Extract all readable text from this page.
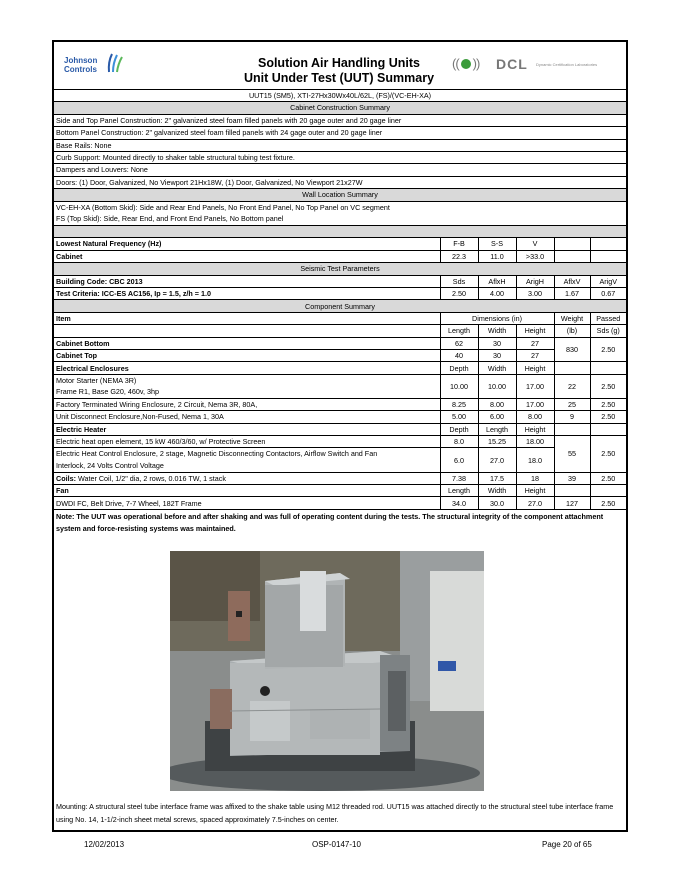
Johnson
Controls	Solution Air Handling Units
Unit Under Test (UUT) Summary
(( )) DCL Dynamic Certification Laboratories
UUT15 (SM5), XTI-27Hx30Wx40L/62L, (FS)/(VC-EH-XA)
Cabinet Construction Summary
Side and Top Panel Construction: 2" galvanized steel foam filled panels with 20 gage outer and 20 gage liner
Bottom Panel Construction: 2" galvanized steel foam filled panels with 24 gage outer and 20 gage liner
Base Rails: None
Curb Support: Mounted directly to shaker table structural tubing test fixture.
Dampers and Louvers: None
Doors: (1) Door, Galvanized, No Viewport 21Hx18W, (1) Door, Galvanized, No Viewport 21x27W
Wall Location Summary
VC-EH-XA (Bottom Skid): Side and Rear End Panels, No Front End Panel, No Top Panel on VC segment
FS (Top Skid): Side, Rear End, and Front End Panels, No Bottom panel
Lowest Natural Frequency (Hz)	F-B	S-S	V		
Cabinet	22.3	11.0	>33.0		
Seismic Test Parameters					
Building Code: CBC 2013	Sds	AflxH	ArigH	AflxV	ArigV
Test Criteria: ICC-ES AC156, Ip = 1.5, z/h = 1.0	2.50	4.00	3.00	1.67	0.67
Component Summary					
Item	Dimensions (in)			Weight	Passed
	Length	Width	Height	(lb)	Sds (g)
Cabinet Bottom	62	30	27	830	2.50
Cabinet Top	40	30	27		
Electrical Enclosures	Depth	Width	Height		
Motor Starter (NEMA 3R)
Frame R1, Base G20, 460v, 3hp	10.00	10.00	17.00	22	2.50
Factory Terminated Wiring Enclosure, 2 Circuit, Nema 3R, 80A,	8.25	8.00	17.00	25	2.50
Unit Disconnect Enclosure,Non-Fused, Nema 1, 30A	5.00	6.00	8.00	9	2.50
Electric Heater	Depth	Length	Height		
Electric heat open element, 15 kW 460/3/60, w/ Protective Screen	8.0	15.25	18.00	55	2.50
Electric Heat Control Enclosure, 2 stage, Magnetic Disconnecting Contactors, Airflow Switch and Fan
Interlock, 24 Volts Control Voltage	6.0	27.0	18.0		
Coils: Water Coil, 1/2" dia, 2 rows, 0.016 TW, 1 stack	7.38	17.5	18	39	2.50
Fan	Length	Width	Height		
DWDI FC, Belt Drive, 7-7 Wheel, 182T Frame	34.0	30.0	27.0	127	2.50
Note: The UUT was operational before and after shaking and was full of operating content during the tests. The structural integrity of the component attachment system and force-resisting systems was maintained.
Mounting: A structural steel tube interface frame was affixed to the shake table using M12 threaded rod. UUT15 was attached directly to the structural steel tube interface frame using No. 14, 1-1/2-inch sheet metal screws, spaced approximately 7.5-inches on center.
12/02/2013	OSP-0147-10	Page 20 of 65
